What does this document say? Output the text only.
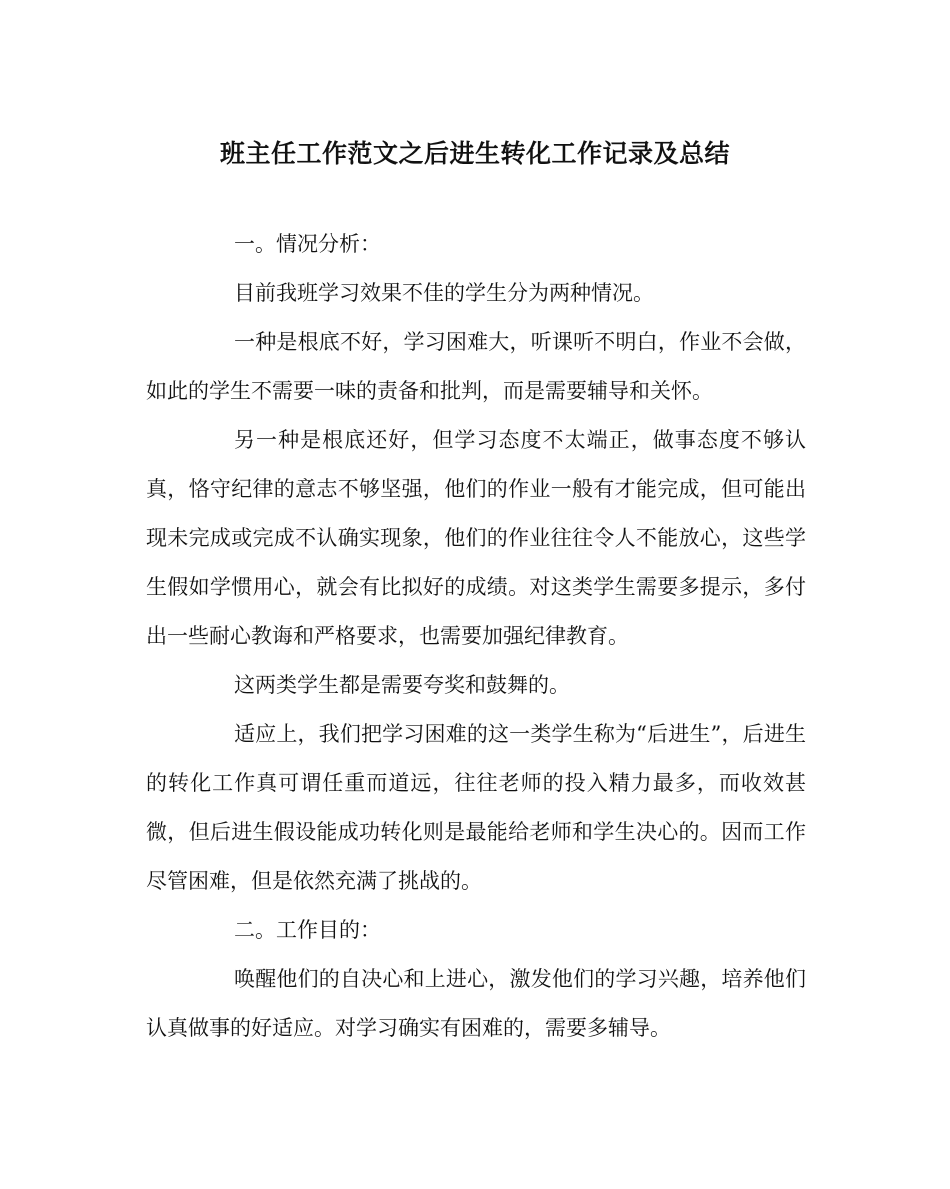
班主任工作范文之后进生转化工作记录及总结

一。情况分析：

目前我班学习效果不佳的学生分为两种情况。

一种是根底不好，学习困难大，听课听不明白，作业不会做，如此的学生不需要一味的责备和批判，而是需要辅导和关怀。

另一种是根底还好，但学习态度不太端正，做事态度不够认真，恪守纪律的意志不够坚强，他们的作业一般有才能完成，但可能出现未完成或完成不认确实现象，他们的作业往往令人不能放心，这些学生假如学惯用心，就会有比拟好的成绩。对这类学生需要多提示，多付出一些耐心教诲和严格要求，也需要加强纪律教育。

这两类学生都是需要夸奖和鼓舞的。

适应上，我们把学习困难的这一类学生称为“后进生”，后进生的转化工作真可谓任重而道远，往往老师的投入精力最多，而收效甚微，但后进生假设能成功转化则是最能给老师和学生决心的。因而工作尽管困难，但是依然充满了挑战的。

二。工作目的：

唤醒他们的自决心和上进心，激发他们的学习兴趣，培养他们认真做事的好适应。对学习确实有困难的，需要多辅导。
